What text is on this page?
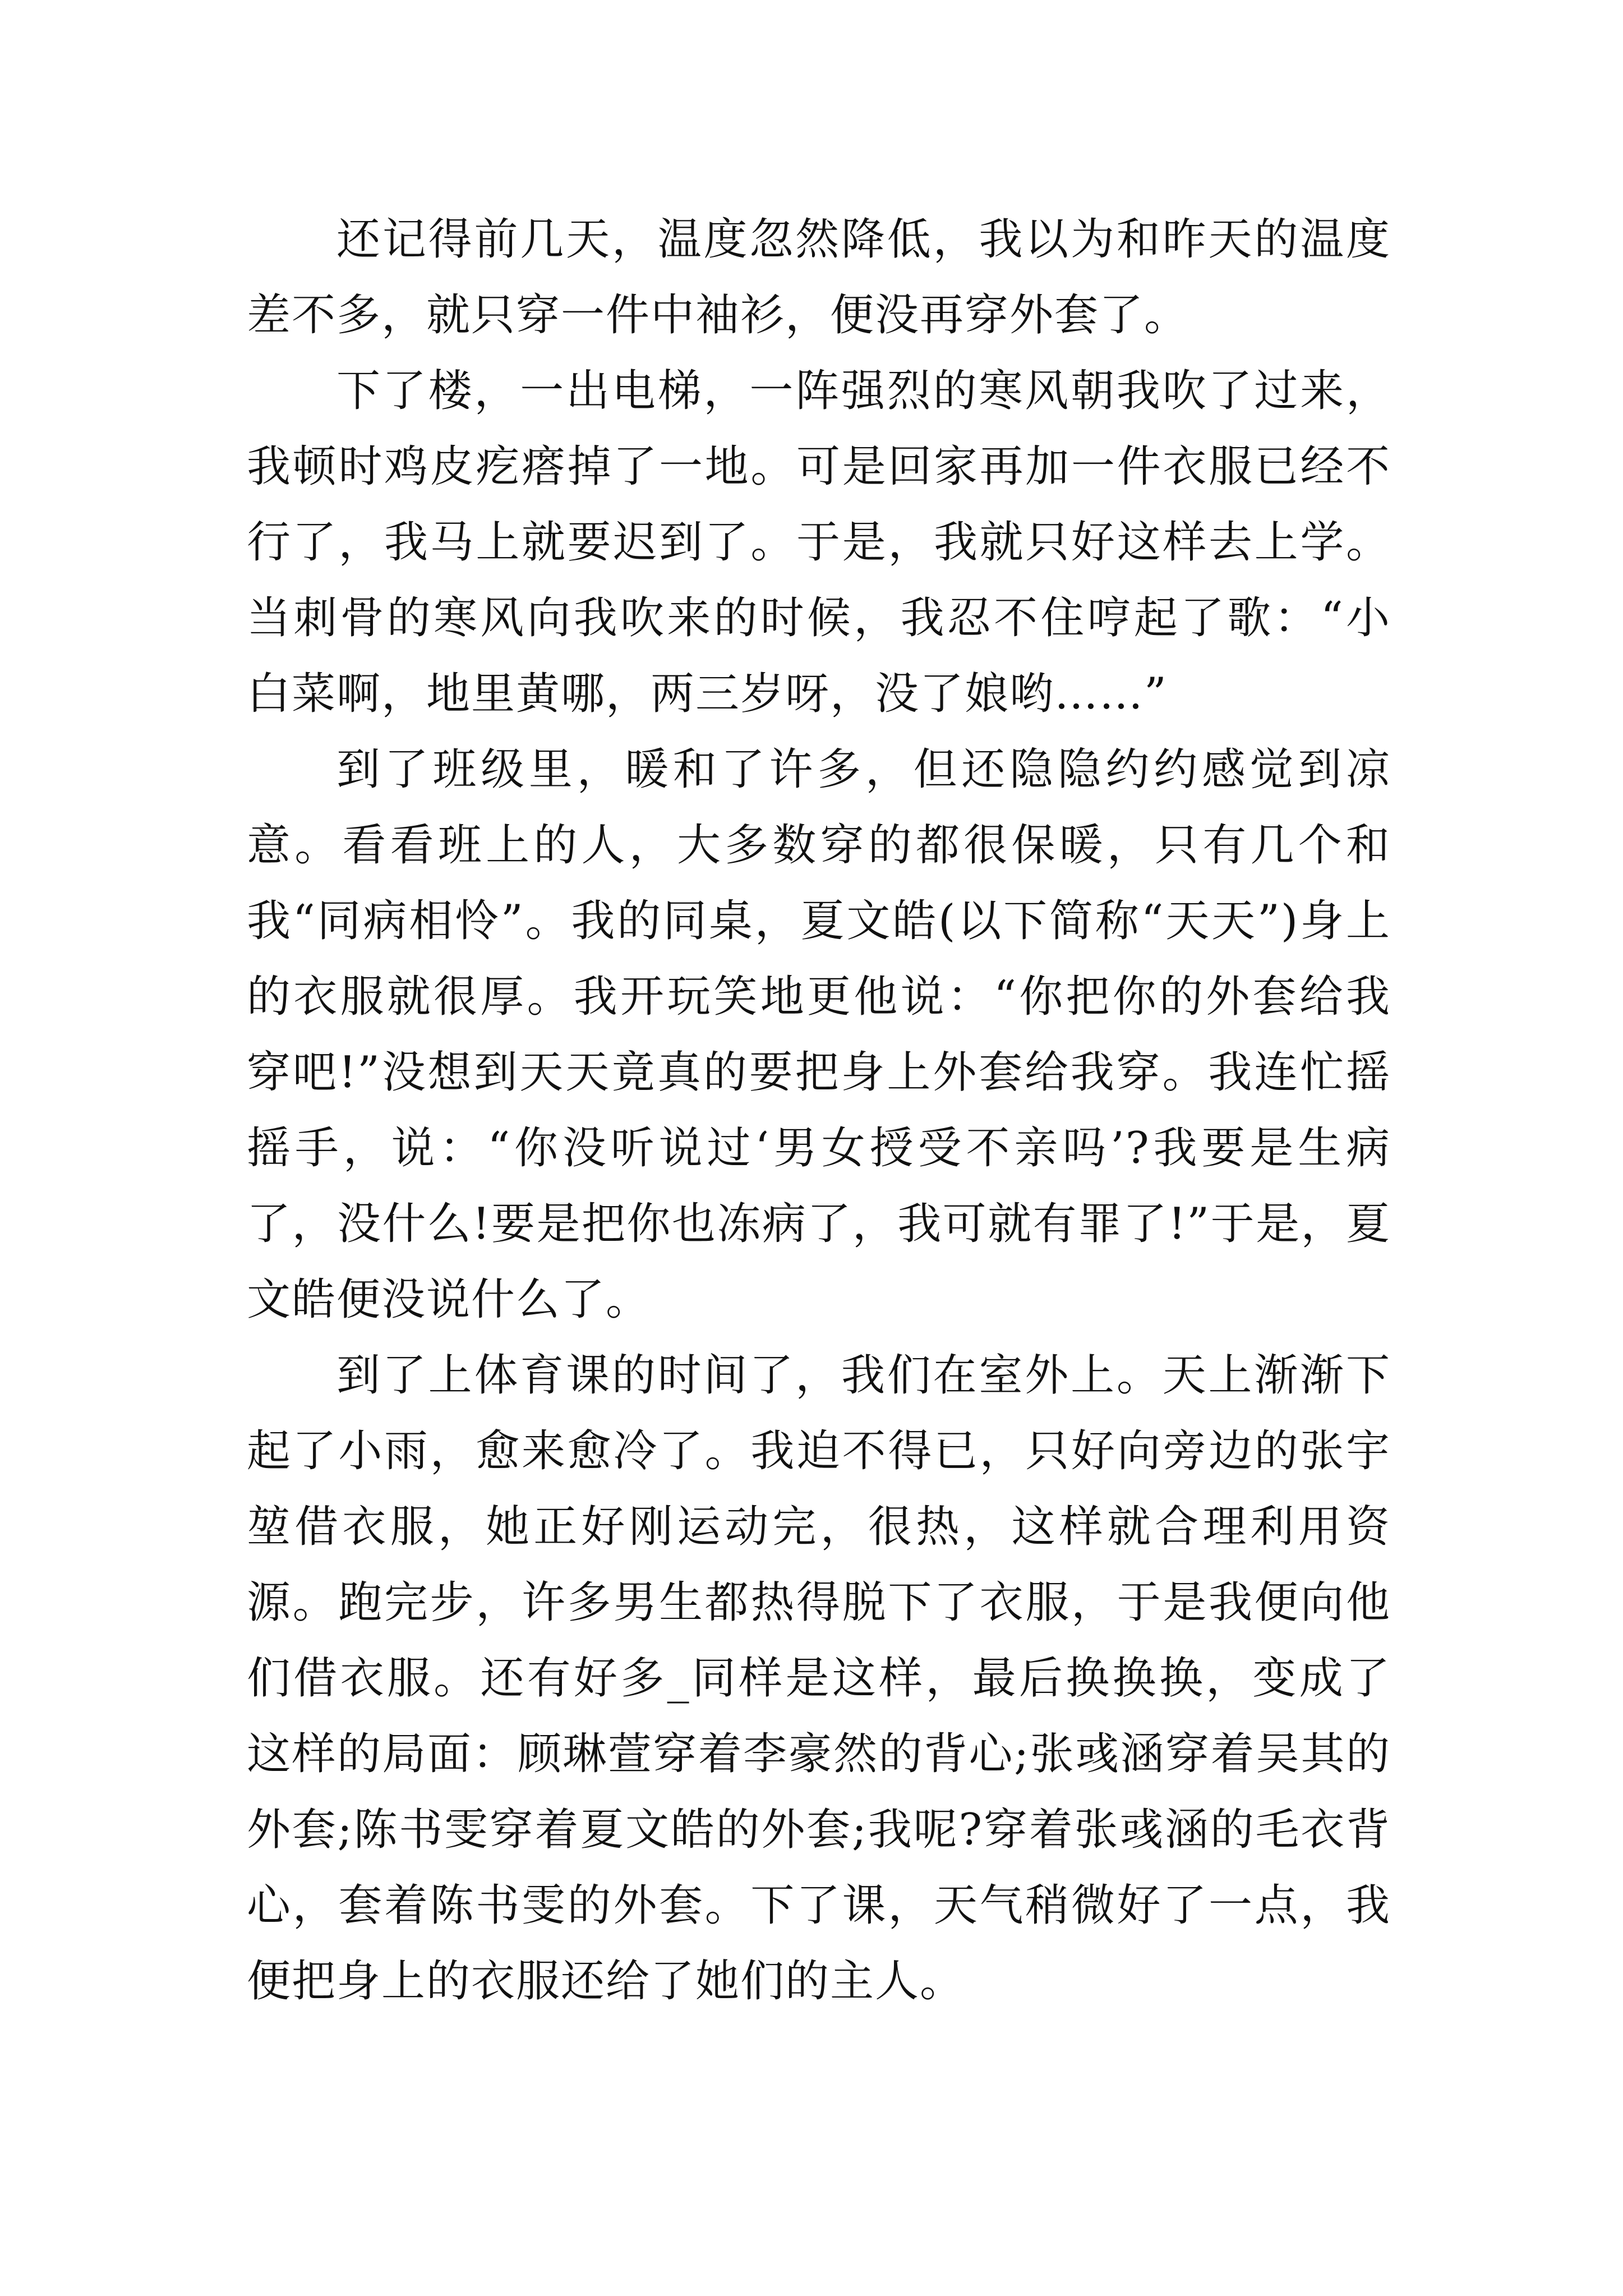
还记得前几天，温度忽然降低，我以为和昨天的温度差不多，就只穿一件中袖衫，便没再穿外套了。

下了楼，一出电梯，一阵强烈的寒风朝我吹了过来，我顿时鸡皮疙瘩掉了一地。可是回家再加一件衣服已经不行了，我马上就要迟到了。于是，我就只好这样去上学。当刺骨的寒风向我吹来的时候，我忍不住哼起了歌：“小白菜啊，地里黄哪，两三岁呀，没了娘哟……”

到了班级里，暖和了许多，但还隐隐约约感觉到凉意。看看班上的人，大多数穿的都很保暖，只有几个和我“同病相怜”。我的同桌，夏文皓(以下简称“天天”)身上的衣服就很厚。我开玩笑地更他说：“你把你的外套给我穿吧!”没想到天天竟真的要把身上外套给我穿。我连忙摇摇手，说：“你没听说过‘男女授受不亲吗’?我要是生病了，没什么!要是把你也冻病了，我可就有罪了!”于是，夏文皓便没说什么了。

到了上体育课的时间了，我们在室外上。天上渐渐下起了小雨，愈来愈冷了。我迫不得已，只好向旁边的张宇堃借衣服，她正好刚运动完，很热，这样就合理利用资源。跑完步，许多男生都热得脱下了衣服，于是我便向他们借衣服。还有好多_同样是这样，最后换换换，变成了这样的局面：顾琳萱穿着李豪然的背心;张彧涵穿着吴其的外套;陈书雯穿着夏文皓的外套;我呢?穿着张彧涵的毛衣背心，套着陈书雯的外套。下了课，天气稍微好了一点，我便把身上的衣服还给了她们的主人。
